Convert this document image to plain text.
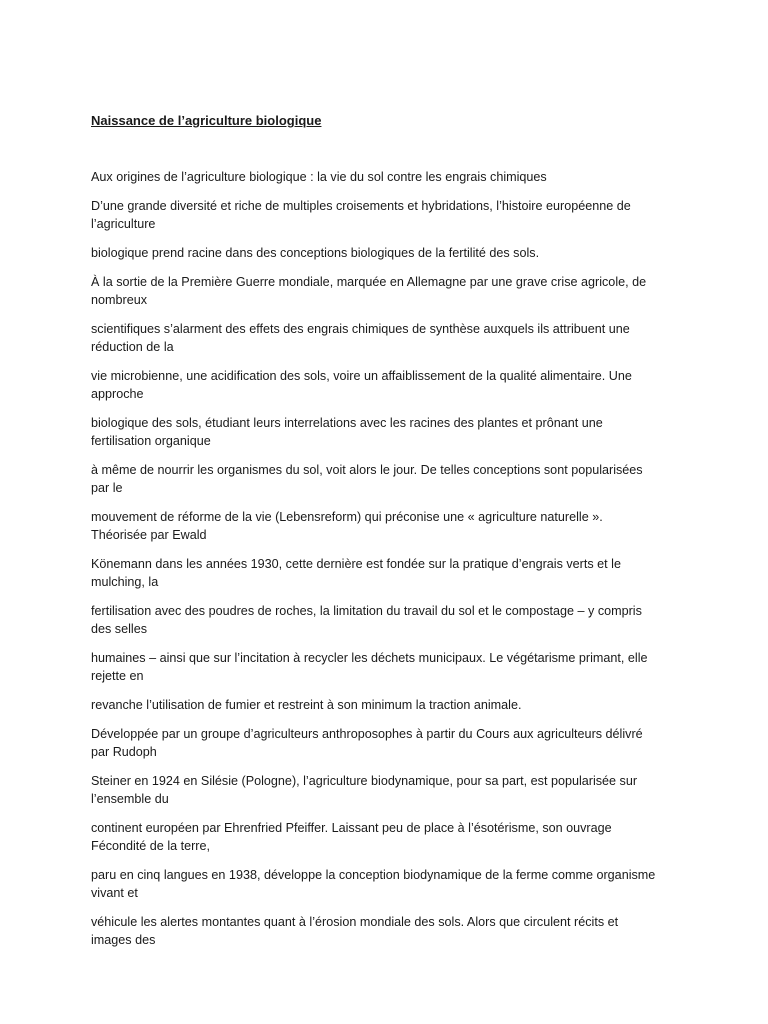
Naissance de l’agriculture biologique

Aux origines de l’agriculture biologique : la vie du sol contre les engrais chimiques

D’une grande diversité et riche de multiples croisements et hybridations, l’histoire européenne de
l’agriculture

biologique prend racine dans des conceptions biologiques de la fertilité des sols.

À la sortie de la Première Guerre mondiale, marquée en Allemagne par une grave crise agricole, de
nombreux

scientifiques s’alarment des effets des engrais chimiques de synthèse auxquels ils attribuent une
réduction de la

vie microbienne, une acidification des sols, voire un affaiblissement de la qualité alimentaire. Une
approche

biologique des sols, étudiant leurs interrelations avec les racines des plantes et prônant une
fertilisation organique

à même de nourrir les organismes du sol, voit alors le jour. De telles conceptions sont popularisées
par le

mouvement de réforme de la vie (Lebensreform) qui préconise une « agriculture naturelle ».
Théorisée par Ewald

Könemann dans les années 1930, cette dernière est fondée sur la pratique d’engrais verts et le
mulching, la

fertilisation avec des poudres de roches, la limitation du travail du sol et le compostage – y compris
des selles

humaines – ainsi que sur l’incitation à recycler les déchets municipaux. Le végétarisme primant, elle
rejette en

revanche l’utilisation de fumier et restreint à son minimum la traction animale.

Développée par un groupe d’agriculteurs anthroposophes à partir du Cours aux agriculteurs délivré
par Rudoph

Steiner en 1924 en Silésie (Pologne), l’agriculture biodynamique, pour sa part, est popularisée sur
l’ensemble du

continent européen par Ehrenfried Pfeiffer. Laissant peu de place à l’ésotérisme, son ouvrage
Fécondité de la terre,

paru en cinq langues en 1938, développe la conception biodynamique de la ferme comme organisme
vivant et

véhicule les alertes montantes quant à l’érosion mondiale des sols. Alors que circulent récits et
images des
